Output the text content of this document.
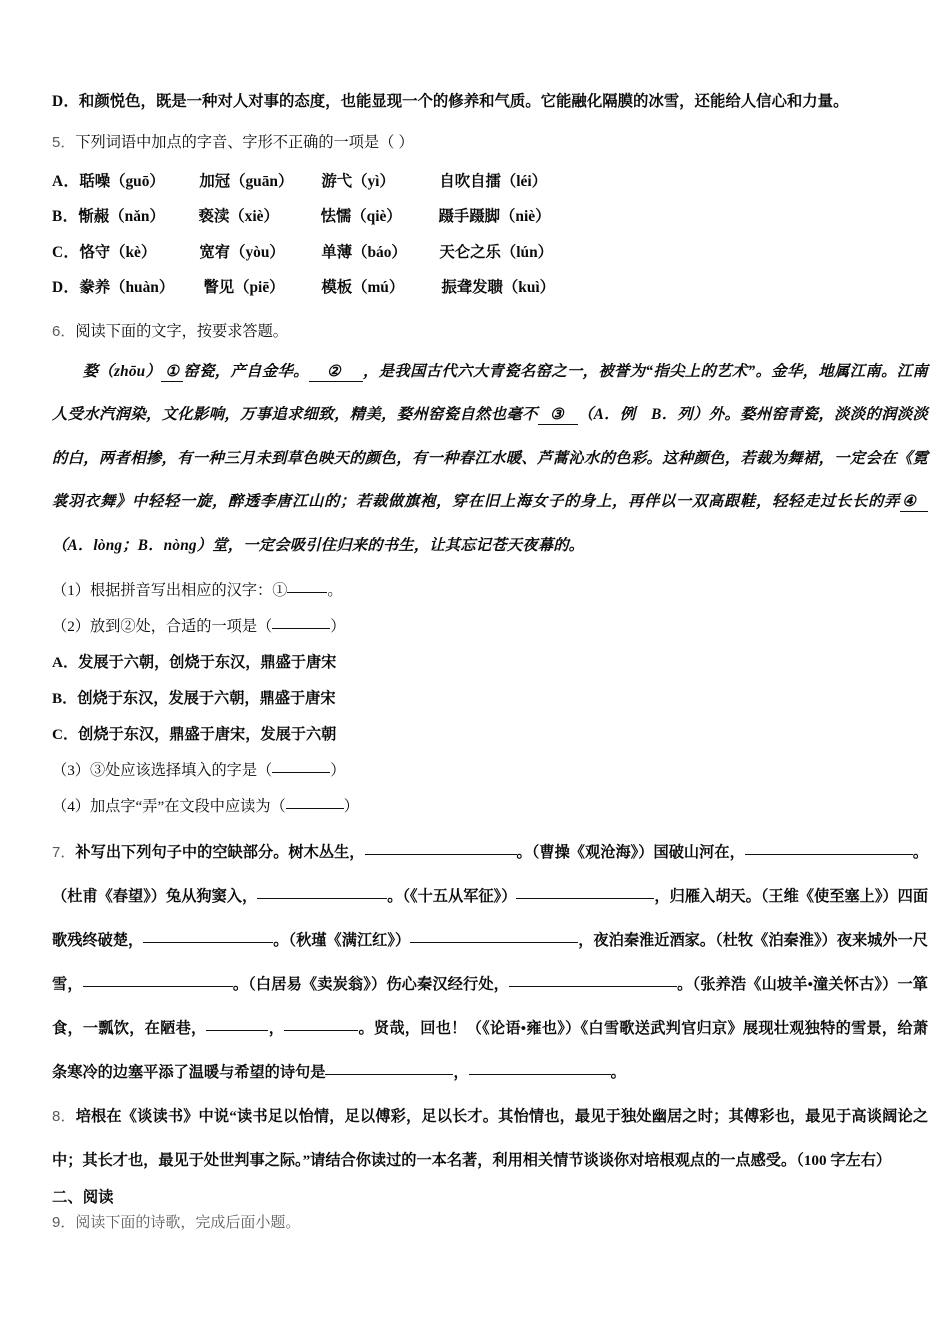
D．和颜悦色，既是一种对人对事的态度，也能显现一个的修养和气质。它能融化隔膜的冰雪，还能给人信心和力量。
5．下列词语中加点的字音、字形不正确的一项是（ ）
A．聒噪（guō） 加冠（guān） 游弋（yì）	自吹自擂（léi）
B．惭赧（nǎn） 亵渎（xiè）	怯懦（qiè） 蹑手蹑脚（niè）
C．恪守（kè）	宽宥（yòu） 单薄（báo） 天仑之乐（lún）
D．豢养（huàn） 瞥见（piē） 模板（mú） 振聋发聩（kuì）
6．阅读下面的文字，按要求答题。

婺（zhōu） ① 窑瓷，产自金华。 ② ，是我国古代六大青瓷名窑之一，被誉为“指尖上的艺术”。金华，地属江南。江南人受水汽润染，文化影响，万事追求细致，精美，婺州窑瓷自然也毫不 ③ （A．例　B．列）外。婺州窑青瓷，淡淡的润淡淡的白，两者相掺，有一种三月未到草色映天的颜色，有一种春江水暖、芦蒿沁水的色彩。这种颜色，若裁为舞裙，一定会在《霓裳羽衣舞》中轻轻一旋，醉透李唐江山的；若裁做旗袍，穿在旧上海女子的身上，再伴以一双高跟鞋，轻轻走过长长的弄 ④（A．lòng；B．nòng）堂，一定会吸引住归来的书生，让其忘记苍天夜幕的。

（1）根据拼音写出相应的汉字：①	。
（2）放到②处，合适的一项是（	）
A．发展于六朝，创烧于东汉，鼎盛于唐宋
B．创烧于东汉，发展于六朝，鼎盛于唐宋
C．创烧于东汉，鼎盛于唐宋，发展于六朝
（3）③处应该选择填入的字是（	）
（4）加点字“弄”在文段中应读为（	）

7．补写出下列句子中的空缺部分。树木丛生，	。（曹操《观沧海》）国破山河在，	。（杜甫《春望》）兔从狗窦入，	。（《十五从军征》）	，归雁入胡天。（王维《使至塞上》）四面歌残终破楚，	。（秋瑾《满江红》）	，夜泊秦淮近酒家。（杜牧《泊秦淮》）夜来城外一尺雪，	。（白居易《卖炭翁》）伤心秦汉经行处，	。（张养浩《山坡羊•潼关怀古》）一箪食，一瓢饮，在陋巷，	，	。贤哉，回也！（《论语•雍也》）《白雪歌送武判官归京》展现壮观独特的雪景，给萧条寒冷的边塞平添了温暖与希望的诗句是	，	。

8．培根在《谈读书》中说“读书足以怡情，足以傅彩，足以长才。其怡情也，最见于独处幽居之时；其傅彩也，最见于高谈阔论之中；其长才也，最见于处世判事之际。”请结合你读过的一本名著，利用相关情节谈谈你对培根观点的一点感受。（100 字左右）

二、阅读
9．阅读下面的诗歌，完成后面小题。
